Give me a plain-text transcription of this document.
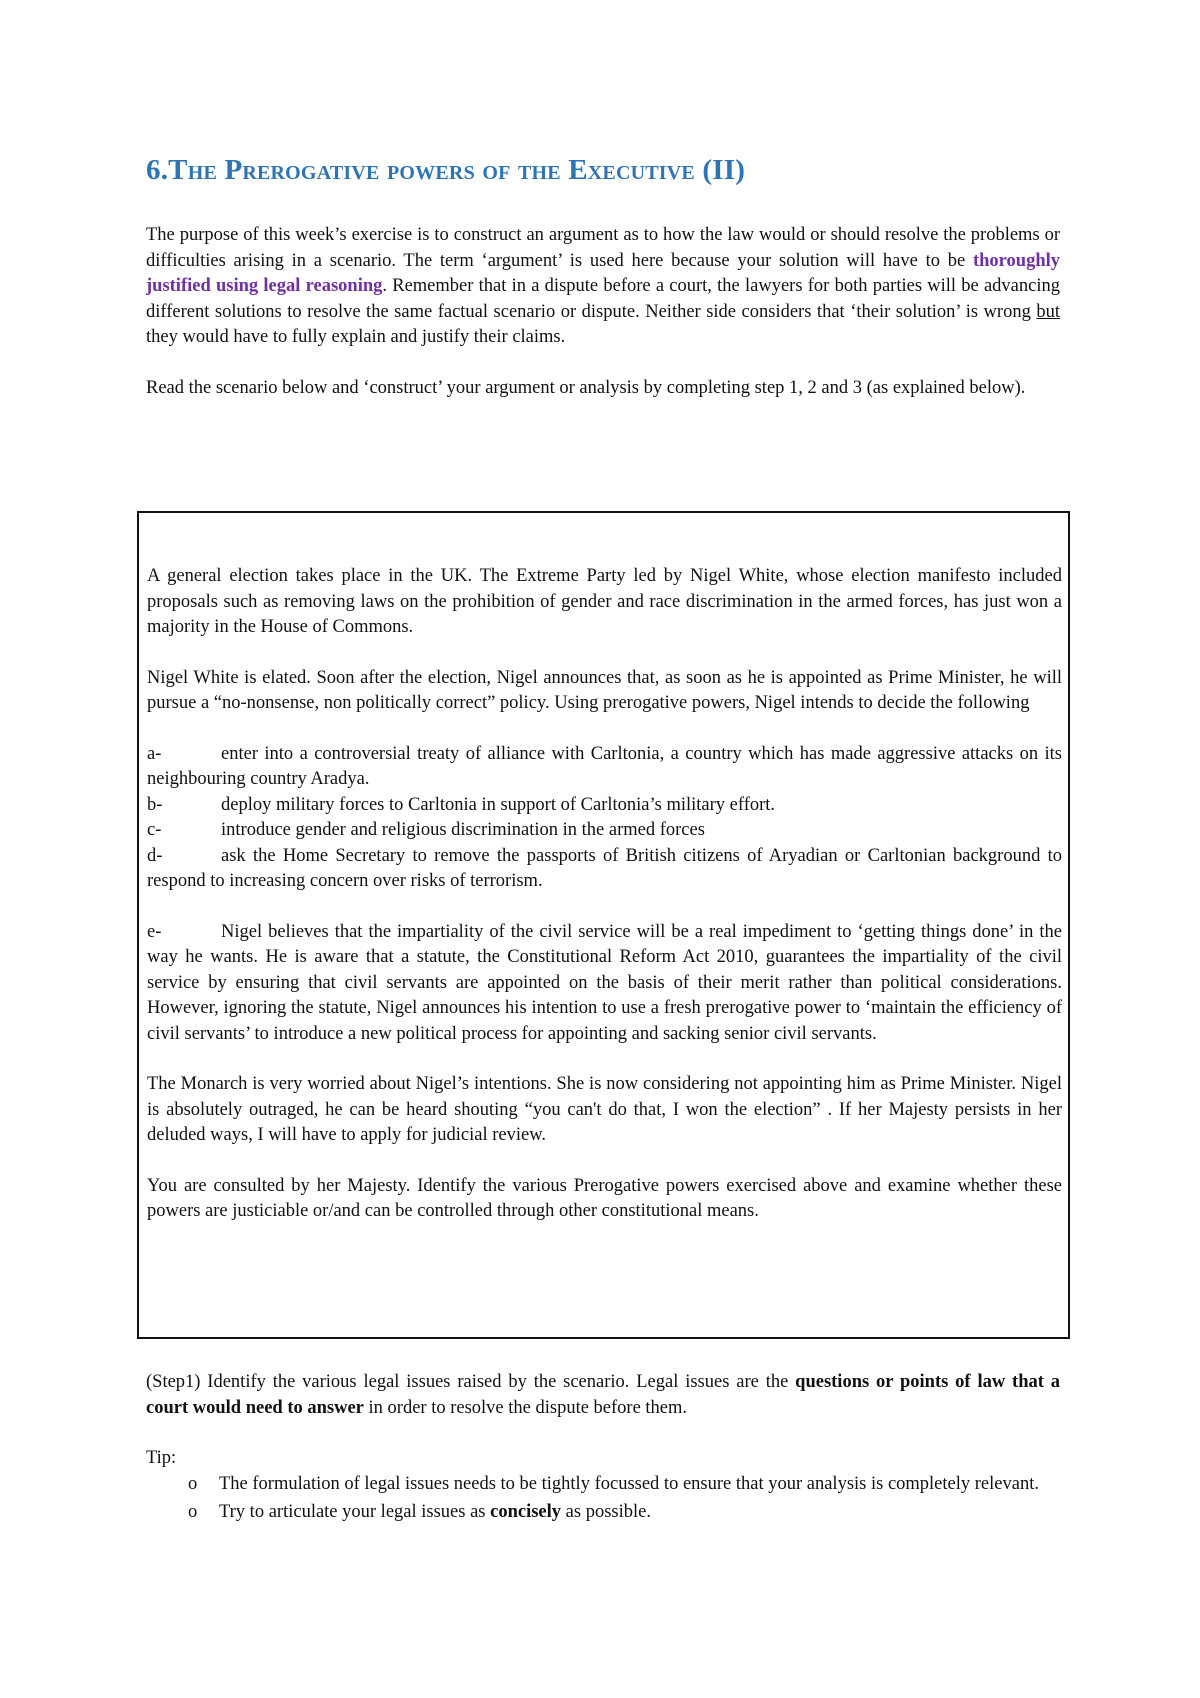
6.The Prerogative powers of the Executive (II)

The purpose of this week’s exercise is to construct an argument as to how the law would or should resolve the problems or difficulties arising in a scenario. The term ‘argument’ is used here because your solution will have to be thoroughly justified using legal reasoning. Remember that in a dispute before a court, the lawyers for both parties will be advancing different solutions to resolve the same factual scenario or dispute. Neither side considers that ‘their solution’ is wrong but they would have to fully explain and justify their claims.

Read the scenario below and ‘construct’ your argument or analysis by completing step 1, 2 and 3 (as explained below).

A general election takes place in the UK. The Extreme Party led by Nigel White, whose election manifesto included proposals such as removing laws on the prohibition of gender and race discrimination in the armed forces, has just won a majority in the House of Commons.

Nigel White is elated. Soon after the election, Nigel announces that, as soon as he is appointed as Prime Minister, he will pursue a “no-nonsense, non politically correct” policy. Using prerogative powers, Nigel intends to decide the following

a-	enter into a controversial treaty of alliance with Carltonia, a country which has made aggressive attacks on its neighbouring country Aradya.
b-	deploy military forces to Carltonia in support of Carltonia’s military effort.
c-	introduce gender and religious discrimination in the armed forces
d-	ask the Home Secretary to remove the passports of British citizens of Aryadian or Carltonian background to respond to increasing concern over risks of terrorism.
e-	Nigel believes that the impartiality of the civil service will be a real impediment to ‘getting things done’ in the way he wants. He is aware that a statute, the Constitutional Reform Act 2010, guarantees the impartiality of the civil service by ensuring that civil servants are appointed on the basis of their merit rather than political considerations. However, ignoring the statute, Nigel announces his intention to use a fresh prerogative power to ‘maintain the efficiency of civil servants’ to introduce a new political process for appointing and sacking senior civil servants.

The Monarch is very worried about Nigel’s intentions. She is now considering not appointing him as Prime Minister. Nigel is absolutely outraged, he can be heard shouting “you can't do that, I won the election” . If her Majesty persists in her deluded ways, I will have to apply for judicial review.

You are consulted by her Majesty. Identify the various Prerogative powers exercised above and examine whether these powers are justiciable or/and can be controlled through other constitutional means.

(Step1) Identify the various legal issues raised by the scenario. Legal issues are the questions or points of law that a court would need to answer in order to resolve the dispute before them.

Tip:

o	The formulation of legal issues needs to be tightly focussed to ensure that your analysis is completely relevant.
o	Try to articulate your legal issues as concisely as possible.
